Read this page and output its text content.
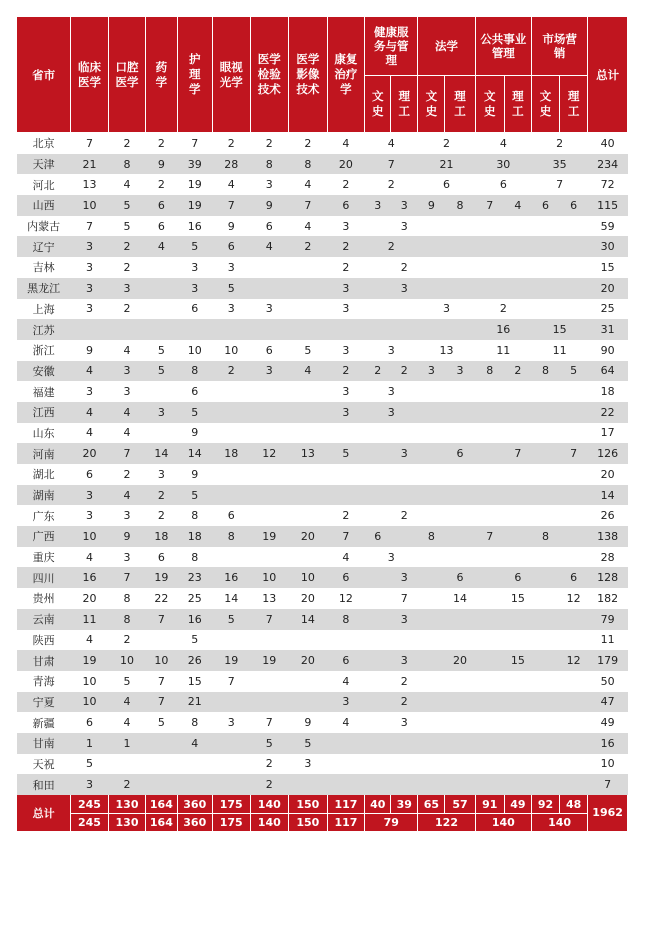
省市	临床医学	口腔医学	药学	护理学	眼视光学	医学检验技术	医学影像技术	康复治疗学	健康服务与管理		法学		公共事业管理		市场营销		总计
									文史	理工	文史	理工	文史	理工	文史	理工	
北京	7	2	2	7	2	2	2	4	4		2		4		2		40
天津	21	8	9	39	28	8	8	20	7		21		30		35		234
河北	13	4	2	19	4	3	4	2	2		6		6		7		72
山西	10	5	6	19	7	9	7	6	3	3	9	8	7	4	6	6	115
内蒙古	7	5	6	16	9	6	4	3		3							59
辽宁	3	2	4	5	6	4	2	2	2								30
吉林	3	2		3	3			2		2							15
黑龙江	3	3		3	5			3		3							20
上海	3	2		6	3	3		3			3		2				25
江苏													16		15		31
浙江	9	4	5	10	10	6	5	3	3		13		11		11		90
安徽	4	3	5	8	2	3	4	2	2	2	3	3	8	2	8	5	64
福建	3	3		6				3	3								18
江西	4	4	3	5				3	3								22
山东	4	4		9													17
河南	20	7	14	14	18	12	13	5		3		6		7		7	126
湖北	6	2	3	9													20
湖南	3	4	2	5													14
广东	3	3	2	8	6			2		2							26
广西	10	9	18	18	8	19	20	7	6		8		7		8		138
重庆	4	3	6	8				4	3								28
四川	16	7	19	23	16	10	10	6		3		6		6		6	128
贵州	20	8	22	25	14	13	20	12		7		14		15		12	182
云南	11	8	7	16	5	7	14	8		3							79
陕西	4	2		5													11
甘肃	19	10	10	26	19	19	20	6		3		20		15		12	179
青海	10	5	7	15	7			4		2							50
宁夏	10	4	7	21				3		2							47
新疆	6	4	5	8	3	7	9	4		3							49
甘南	1	1		4		5	5										16
天祝	5					2	3										10
和田	3	2				2											7
总计	245	130	164	360	175	140	150	117	40	39	65	57	91	49	92	48	1962
	245	130	164	360	175	140	150	117	79		122		140		140		
